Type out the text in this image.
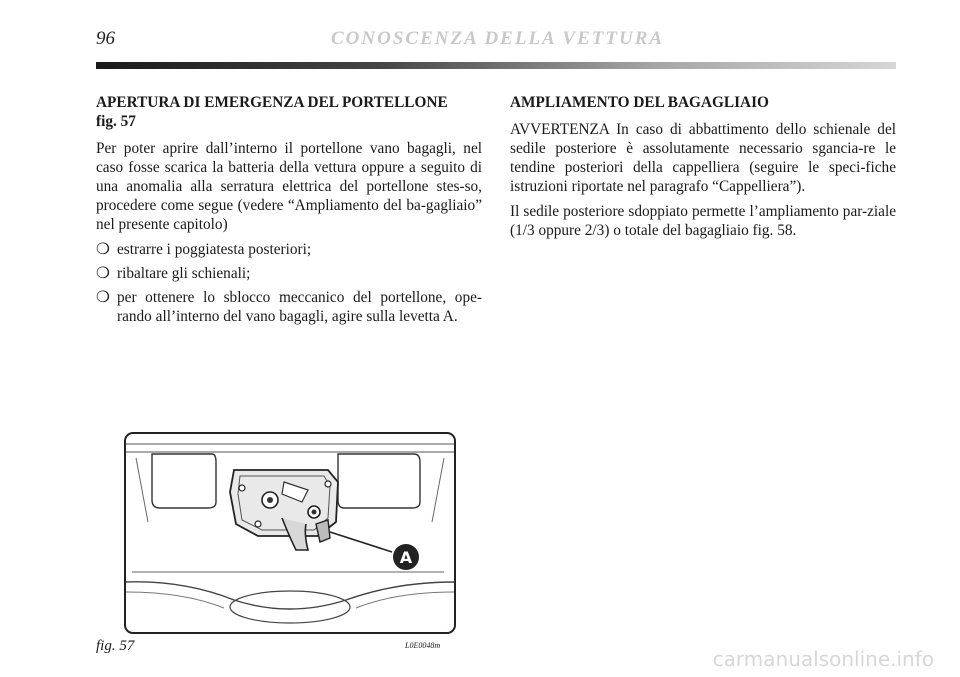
96	CONOSCENZA DELLA VETTURA
APERTURA DI EMERGENZA DEL PORTELLONE
fig. 57

Per poter aprire dall’interno il portellone vano bagagli, nel caso fosse scarica la batteria della vettura oppure a seguito di una anomalia alla serratura elettrica del portellone stes-so, procedere come segue (vedere “Ampliamento del ba-gagliaio” nel presente capitolo)

❍ estrarre i poggiatesta posteriori;
❍ ribaltare gli schienali;
❍ per ottenere lo sblocco meccanico del portellone, ope-rando all’interno del vano bagagli, agire sulla levetta A.
AMPLIAMENTO DEL BAGAGLIAIO

AVVERTENZA In caso di abbattimento dello schienale del sedile posteriore è assolutamente necessario sgancia-re le tendine posteriori della cappelliera (seguire le speci-fiche istruzioni riportate nel paragrafo “Cappelliera”).

Il sedile posteriore sdoppiato permette l’ampliamento par-ziale (1/3 oppure 2/3) o totale del bagagliaio fig. 58.

A
fig. 57	L0E0048m
carmanualsonline.info
